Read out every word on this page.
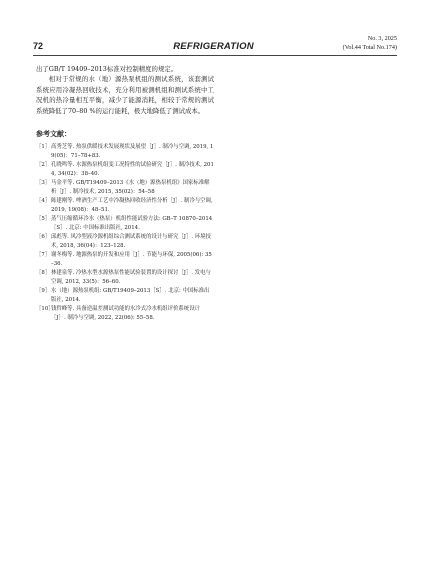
72	REFRIGERATION
No. 3, 2025
(Vol.44 Total No.174)

出了GB/T 19409–2013标准对控制精度的规定。

相对于常规的水（地）源热泵机组的测试系统，该套测试系统应用冷凝热回收技术，充分利用被测机组和测试系统中工况机的热冷量相互平衡，减少了能源消耗，相较于常规的测试系统降低了70–80 %的运行能耗，极大地降低了测试成本。

参考文献：
［1］ 高秀芝等. 热泵供暖技术发展现状及展望［J］. 制冷与空调, 2019, 19(05)：71–78+83.
［2］ 孔晓鸣等. 水源热泵机组变工况特性的试验研究［J］. 制冷技术, 2014, 34(02)：38–40.
［3］ 马金平等. GB/T19409–2013《水（地）源热泵机组》国家标准解析［J］. 制冷技术, 2015, 35(02)：54–58
［4］ 陈建刚等. 啤酒生产工艺中冷凝热回收经济性分析［J］. 制冷与空调, 2019, 19(08)：48–51.
［5］ 蒸气压缩循环冷水（热泵）机组性能试验方法: GB–T 10870–2014［S］. 北京: 中国标准出版社, 2014.
［6］ 邱彪等. 风冷型液冷源机组综合测试系统的设计与研究［J］. 环境技术, 2018, 36(04)：123–128.
［7］ 谢冬梅等. 地源热泵的开发和应用［J］. 节能与环保, 2005(06): 35–36.
［8］ 林建泉等. 冷热水型水源热泵性能试验装置的设计探讨［J］. 发电与空调, 2012, 33(5)：56–60.
［9］ 水（地）源热泵机组: GB/T19409–2013［S］. 北京: 中国标准出版社, 2014.
［10］
钱哲峰等. 具备逆温差测试功能的水冷式冷水机组评价系统设计［J］. 制冷与空调, 2022, 22(06): 55–58.
